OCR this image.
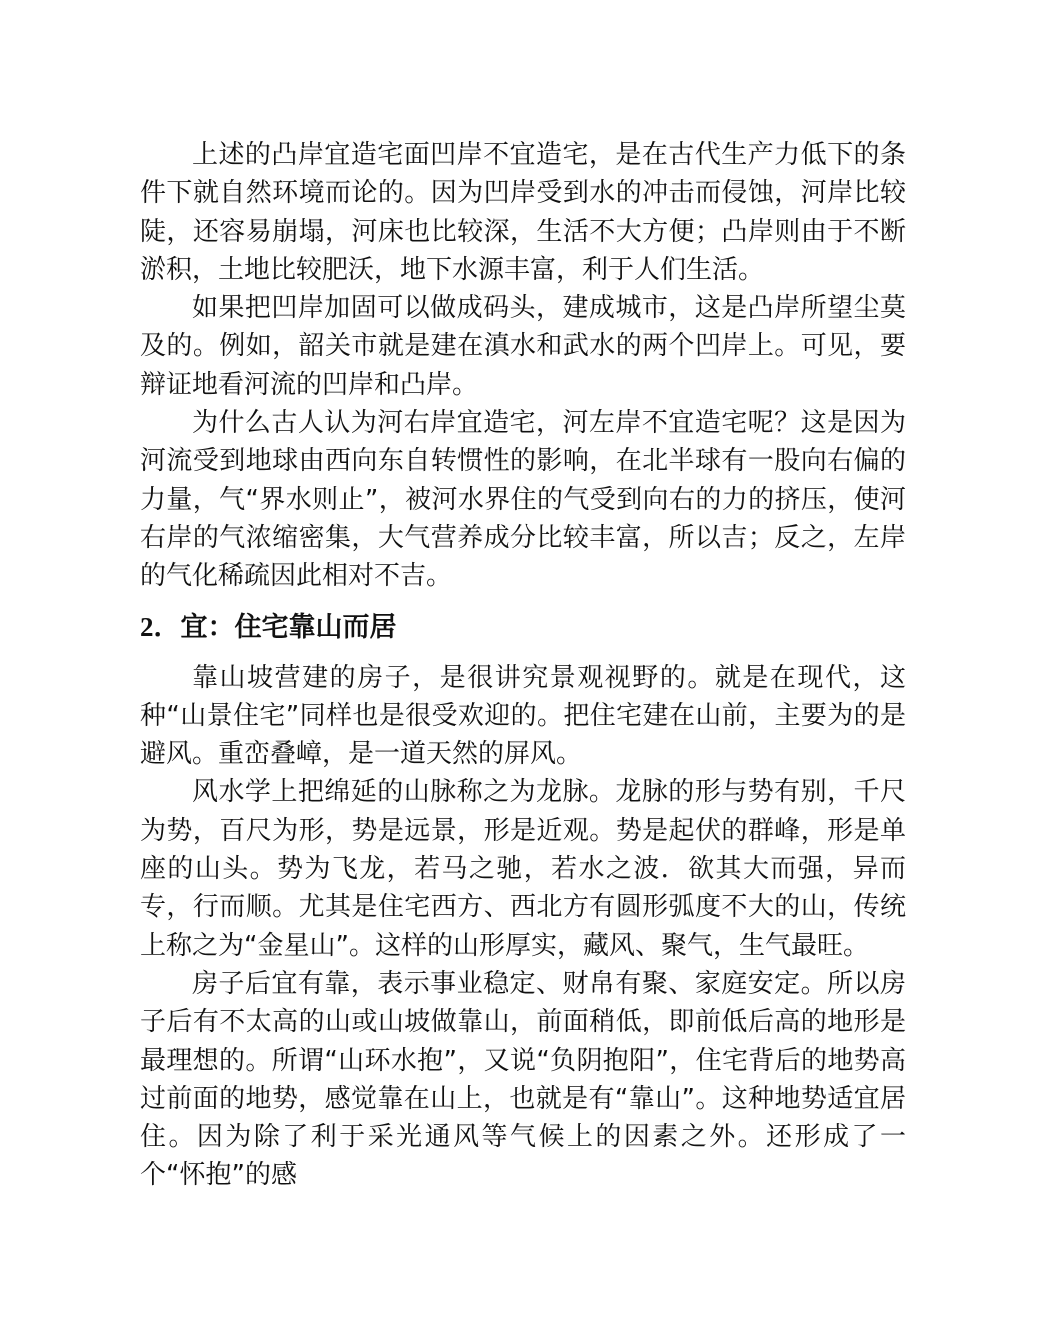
上述的凸岸宜造宅面凹岸不宜造宅，是在古代生产力低下的条件下就自然环境而论的。因为凹岸受到水的冲击而侵蚀，河岸比较陡，还容易崩塌，河床也比较深，生活不大方便；凸岸则由于不断淤积，土地比较肥沃，地下水源丰富，利于人们生活。

如果把凹岸加固可以做成码头，建成城市，这是凸岸所望尘莫及的。例如，韶关市就是建在滇水和武水的两个凹岸上。可见，要辩证地看河流的凹岸和凸岸。

为什么古人认为河右岸宜造宅，河左岸不宜造宅呢？这是因为河流受到地球由西向东自转惯性的影响，在北半球有一股向右偏的力量，气“界水则止”，被河水界住的气受到向右的力的挤压，使河右岸的气浓缩密集，大气营养成分比较丰富，所以吉；反之，左岸的气化稀疏因此相对不吉。

2．宜：住宅靠山而居

靠山坡营建的房子，是很讲究景观视野的。就是在现代，这种“山景住宅”同样也是很受欢迎的。把住宅建在山前，主要为的是避风。重峦叠嶂，是一道天然的屏风。

风水学上把绵延的山脉称之为龙脉。龙脉的形与势有别，千尺为势，百尺为形，势是远景，形是近观。势是起伏的群峰，形是单座的山头。势为飞龙，若马之驰，若水之波．欲其大而强，异而专，行而顺。尤其是住宅西方、西北方有圆形弧度不大的山，传统上称之为“金星山”。这样的山形厚实，藏风、聚气，生气最旺。

房子后宜有靠，表示事业稳定、财帛有聚、家庭安定。所以房子后有不太高的山或山坡做靠山，前面稍低，即前低后高的地形是最理想的。所谓“山环水抱”，又说“负阴抱阳”，住宅背后的地势高过前面的地势，感觉靠在山上，也就是有“靠山”。这种地势适宜居住。因为除了利于采光通风等气候上的因素之外。还形成了一个“怀抱”的感
